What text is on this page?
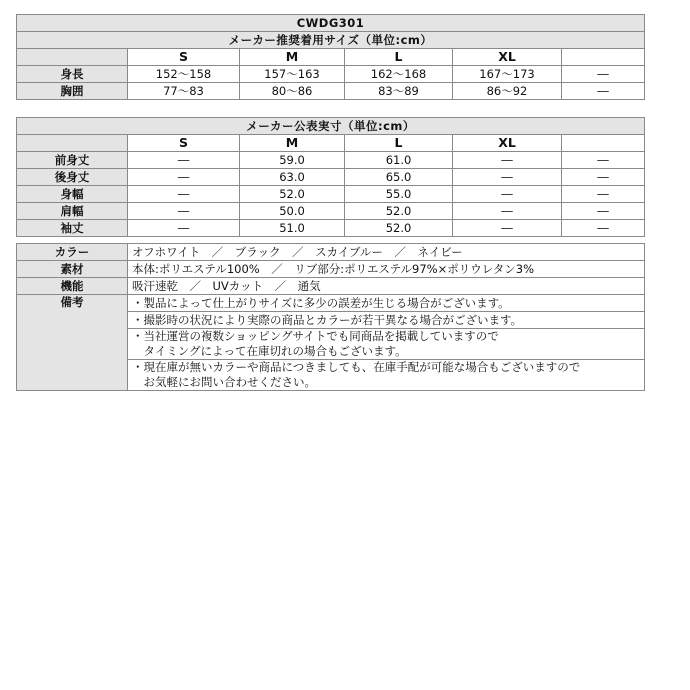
CWDG301					
メーカー推奨着用サイズ（単位:cm）					
	S	M	L	XL	
身長	152～158	157～163	162～168	167～173	―
胸囲	77～83	80～86	83～89	86～92	―
メーカー公表実寸（単位:cm）					
	S	M	L	XL	
前身丈	―	59.0	61.0	―	―
後身丈	―	63.0	65.0	―	―
身幅	―	52.0	55.0	―	―
肩幅	―	50.0	52.0	―	―
袖丈	―	51.0	52.0	―	―
カラー	オフホワイト　／　ブラック　／　スカイブルー　／　ネイビー
素材	本体:ポリエステル100%　／　リブ部分:ポリエステル97%×ポリウレタン3%
機能	吸汗速乾　／　UVカット　／　通気
備考	・製品によって仕上がりサイズに多少の誤差が生じる場合がございます。

	・撮影時の状況により実際の商品とカラーが若干異なる場合がございます。

	・当社運営の複数ショッピングサイトでも同商品を掲載していますので
　タイミングによって在庫切れの場合もございます。

	・現在庫が無いカラーや商品につきましても、在庫手配が可能な場合もございますので
　お気軽にお問い合わせください。
